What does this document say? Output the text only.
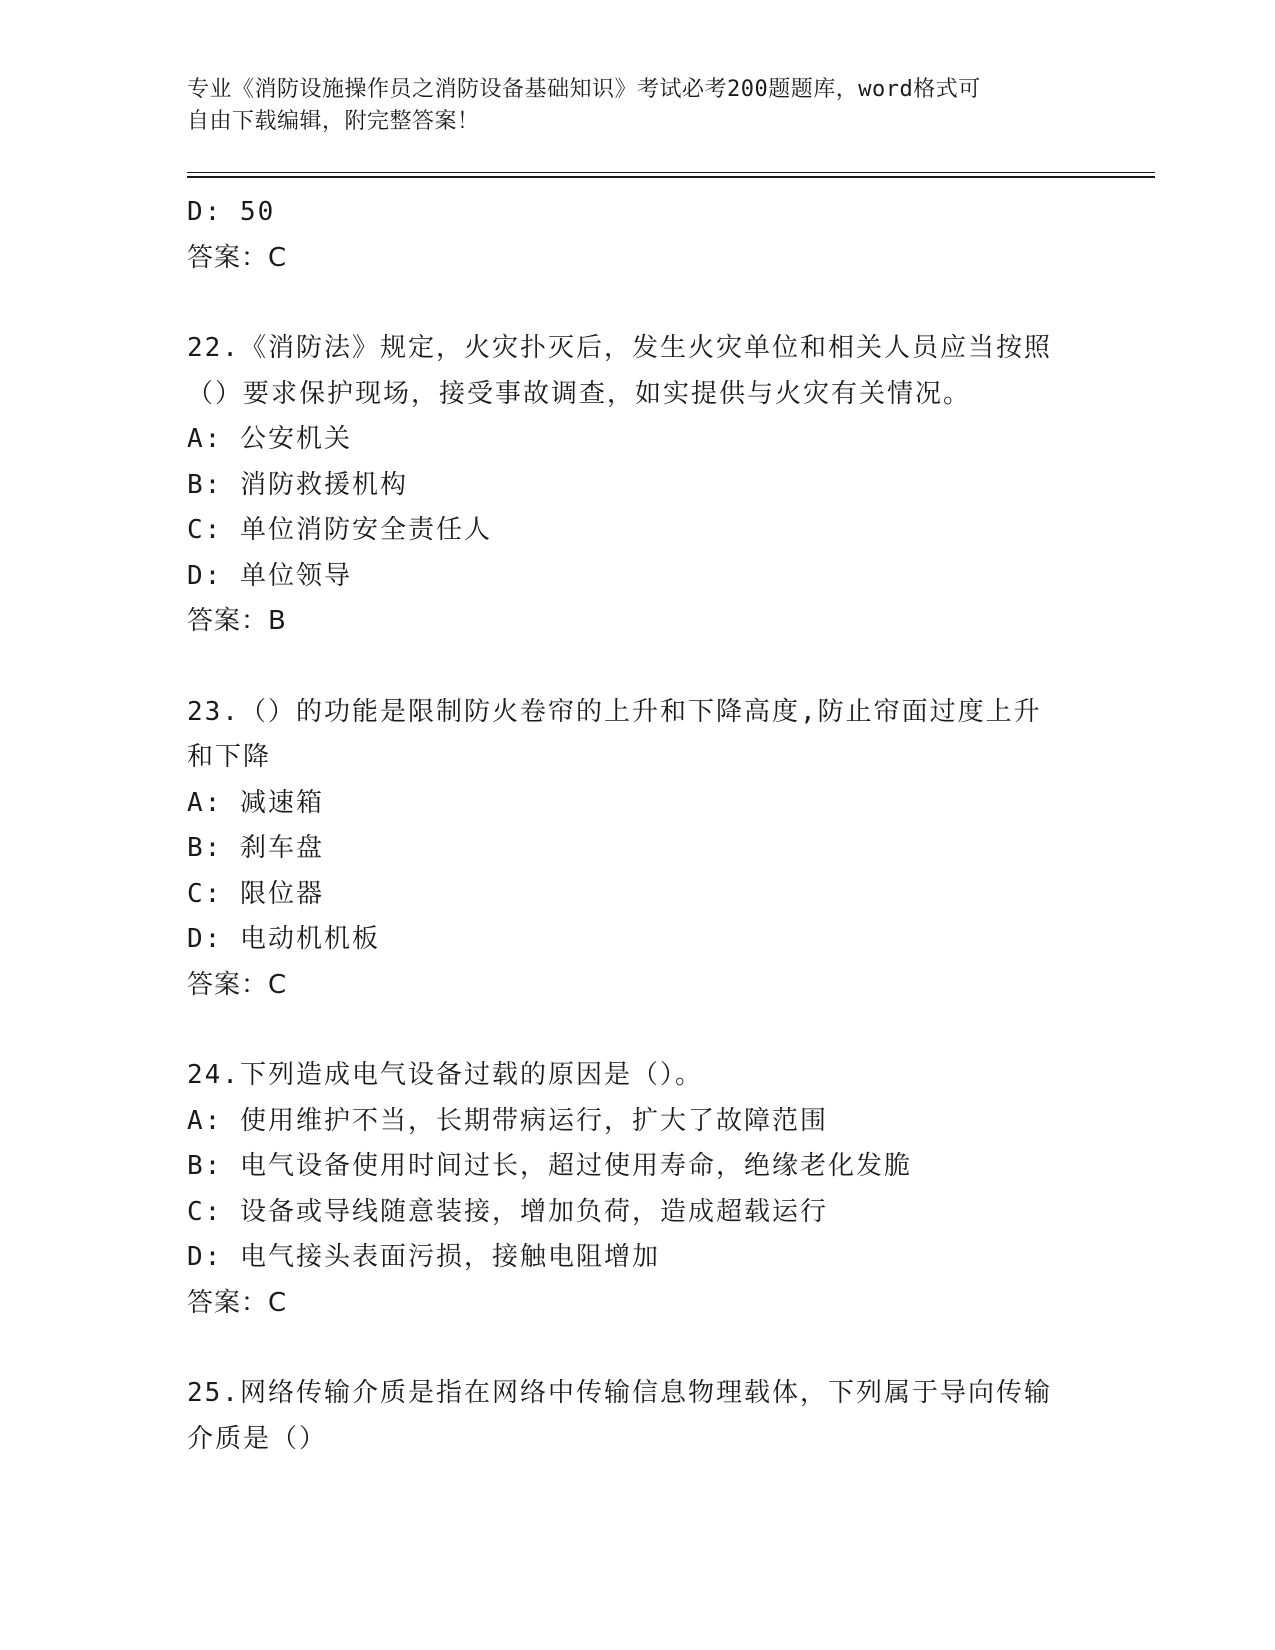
专业《消防设施操作员之消防设备基础知识》考试必考200题题库，word格式可
自由下载编辑，附完整答案！
D: 50
答案：C
22.《消防法》规定，火灾扑灭后，发生火灾单位和相关人员应当按照
（）要求保护现场，接受事故调查，如实提供与火灾有关情况。
A: 公安机关
B: 消防救援机构
C: 单位消防安全责任人
D: 单位领导
答案：B
23.（）的功能是限制防火卷帘的上升和下降高度,防止帘面过度上升
和下降
A: 减速箱
B: 刹车盘
C: 限位器
D: 电动机机板
答案：C
24.下列造成电气设备过载的原因是（）。
A: 使用维护不当，长期带病运行，扩大了故障范围
B: 电气设备使用时间过长，超过使用寿命，绝缘老化发脆
C: 设备或导线随意装接，增加负荷，造成超载运行
D: 电气接头表面污损，接触电阻增加
答案：C
25.网络传输介质是指在网络中传输信息物理载体，下列属于导向传输
介质是（）
